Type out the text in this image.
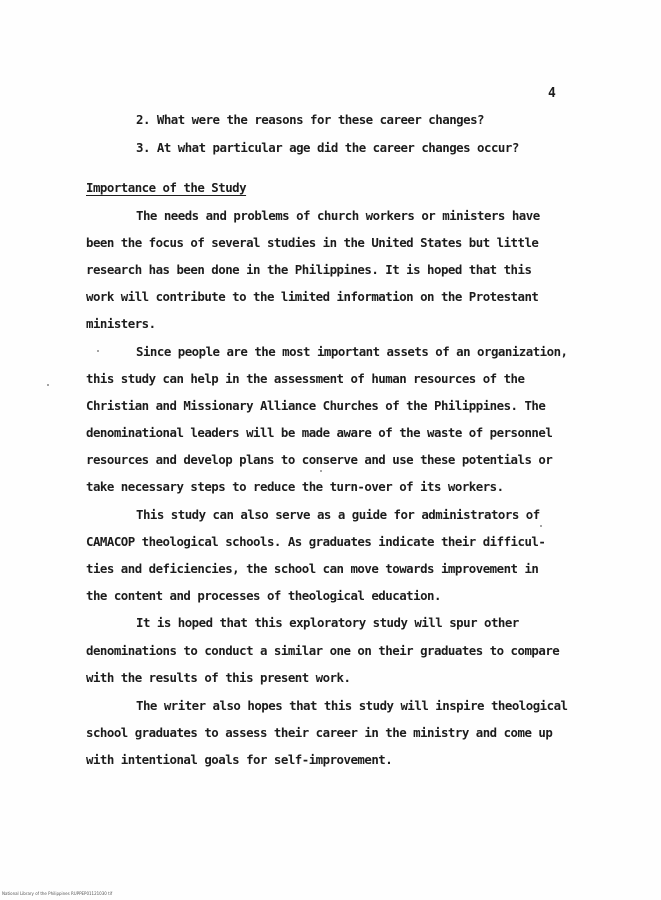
4
2. What were the reasons for these career changes?
3. At what particular age did the career changes occur?
Importance of the Study
The needs and problems of church workers or ministers have
been the focus of several studies in the United States but little
research has been done in the Philippines. It is hoped that this
work will contribute to the limited information on the Protestant
ministers.
Since people are the most important assets of an organization,
this study can help in the assessment of human resources of the
Christian and Missionary Alliance Churches of the Philippines. The
denominational leaders will be made aware of the waste of personnel
resources and develop plans to conserve and use these potentials or
take necessary steps to reduce the turn-over of its workers.
This study can also serve as a guide for administrators of
CAMACOP theological schools. As graduates indicate their difficul-
ties and deficiencies, the school can move towards improvement in
the content and processes of theological education.
It is hoped that this exploratory study will spur other
denominations to conduct a similar one on their graduates to compare
with the results of this present work.
The writer also hopes that this study will inspire theological
school graduates to assess their career in the ministry and come up
with intentional goals for self-improvement.
National Library of the Philippines RUPPEP01121030 tif
